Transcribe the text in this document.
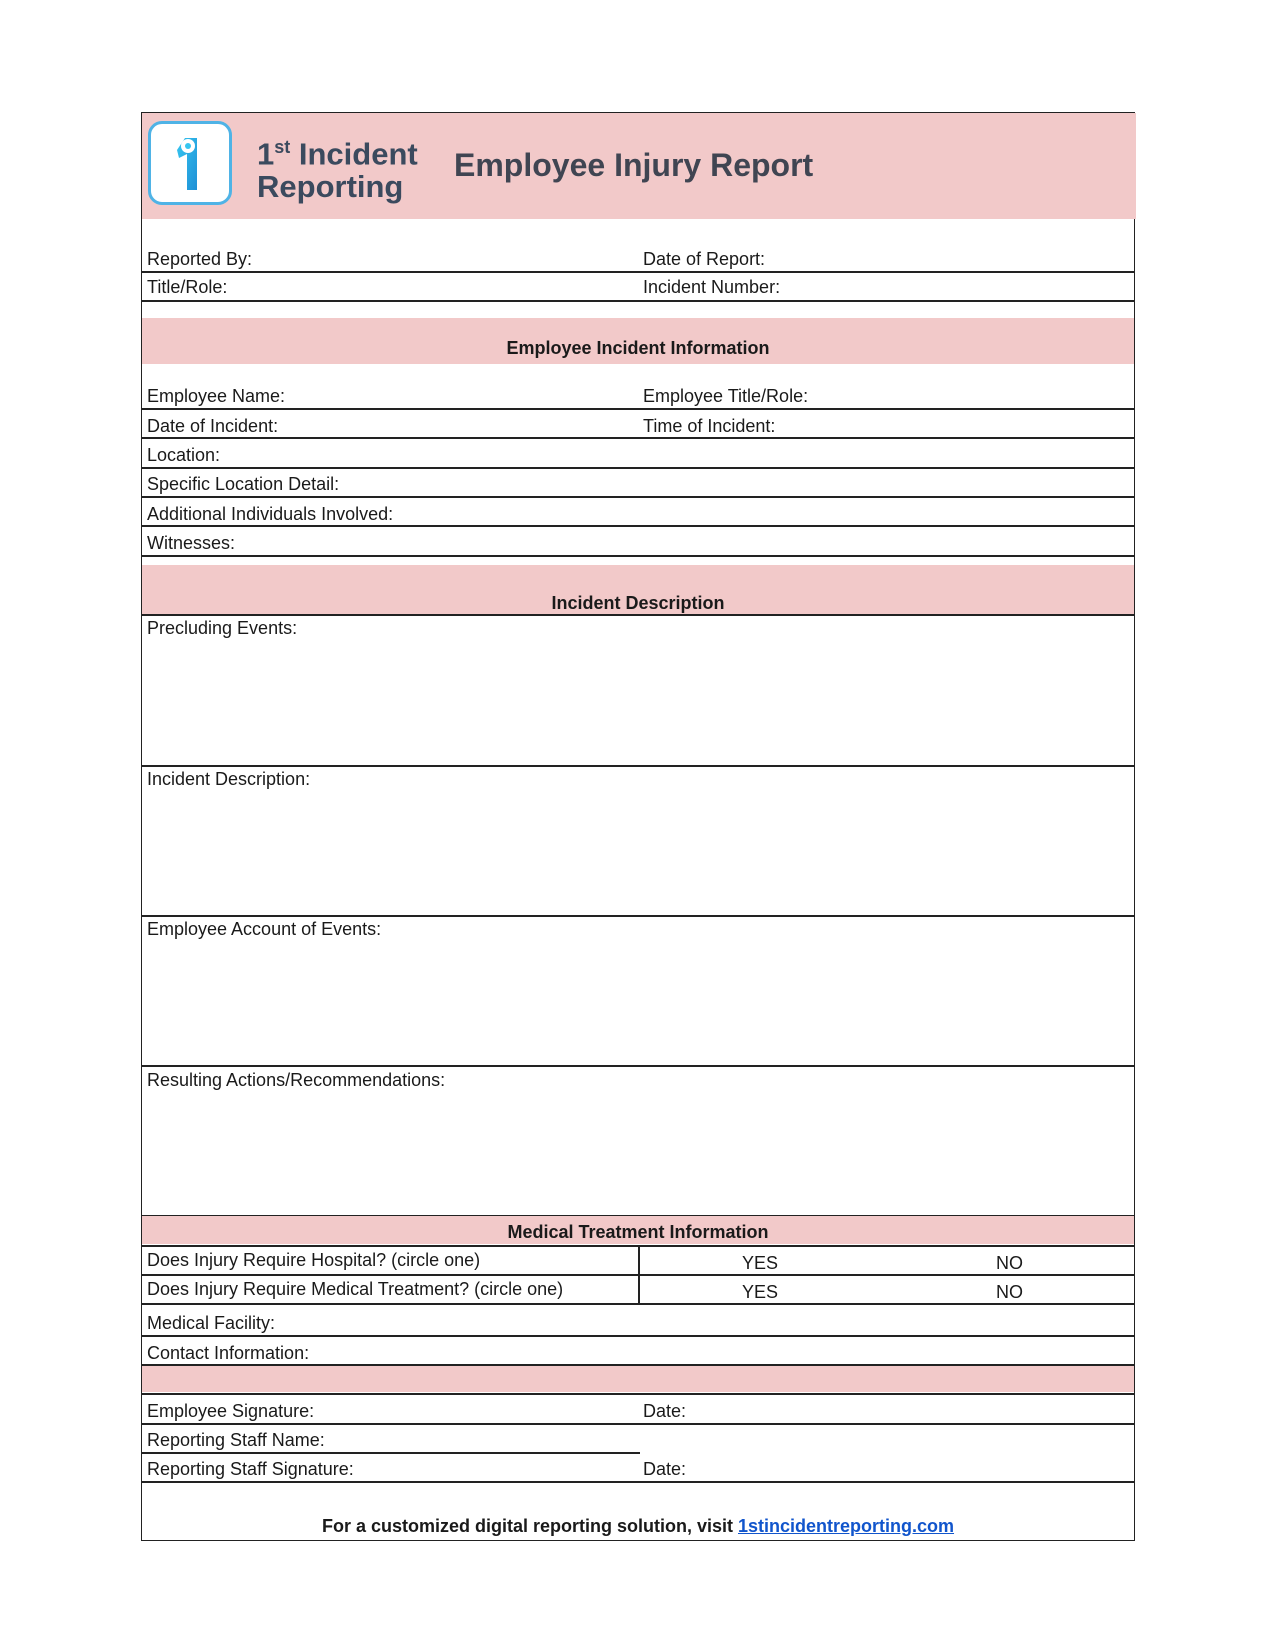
1st Incident
Reporting
Employee Injury Report
Reported By:	Date of Report:
Title/Role:	Incident Number:
Employee Incident Information
Employee Name:	Employee Title/Role:
Date of Incident:	Time of Incident:
Location:
Specific Location Detail:
Additional Individuals Involved:
Witnesses:
Incident Description
Precluding Events:
Incident Description:
Employee Account of Events:
Resulting Actions/Recommendations:
Medical Treatment Information
Does Injury Require Hospital? (circle one)	YES	NO
Does Injury Require Medical Treatment? (circle one)	YES	NO
Medical Facility:
Contact Information:
Employee Signature:	Date:
Reporting Staff Name:
Reporting Staff Signature:	Date:
For a customized digital reporting solution, visit 1stincidentreporting.com
